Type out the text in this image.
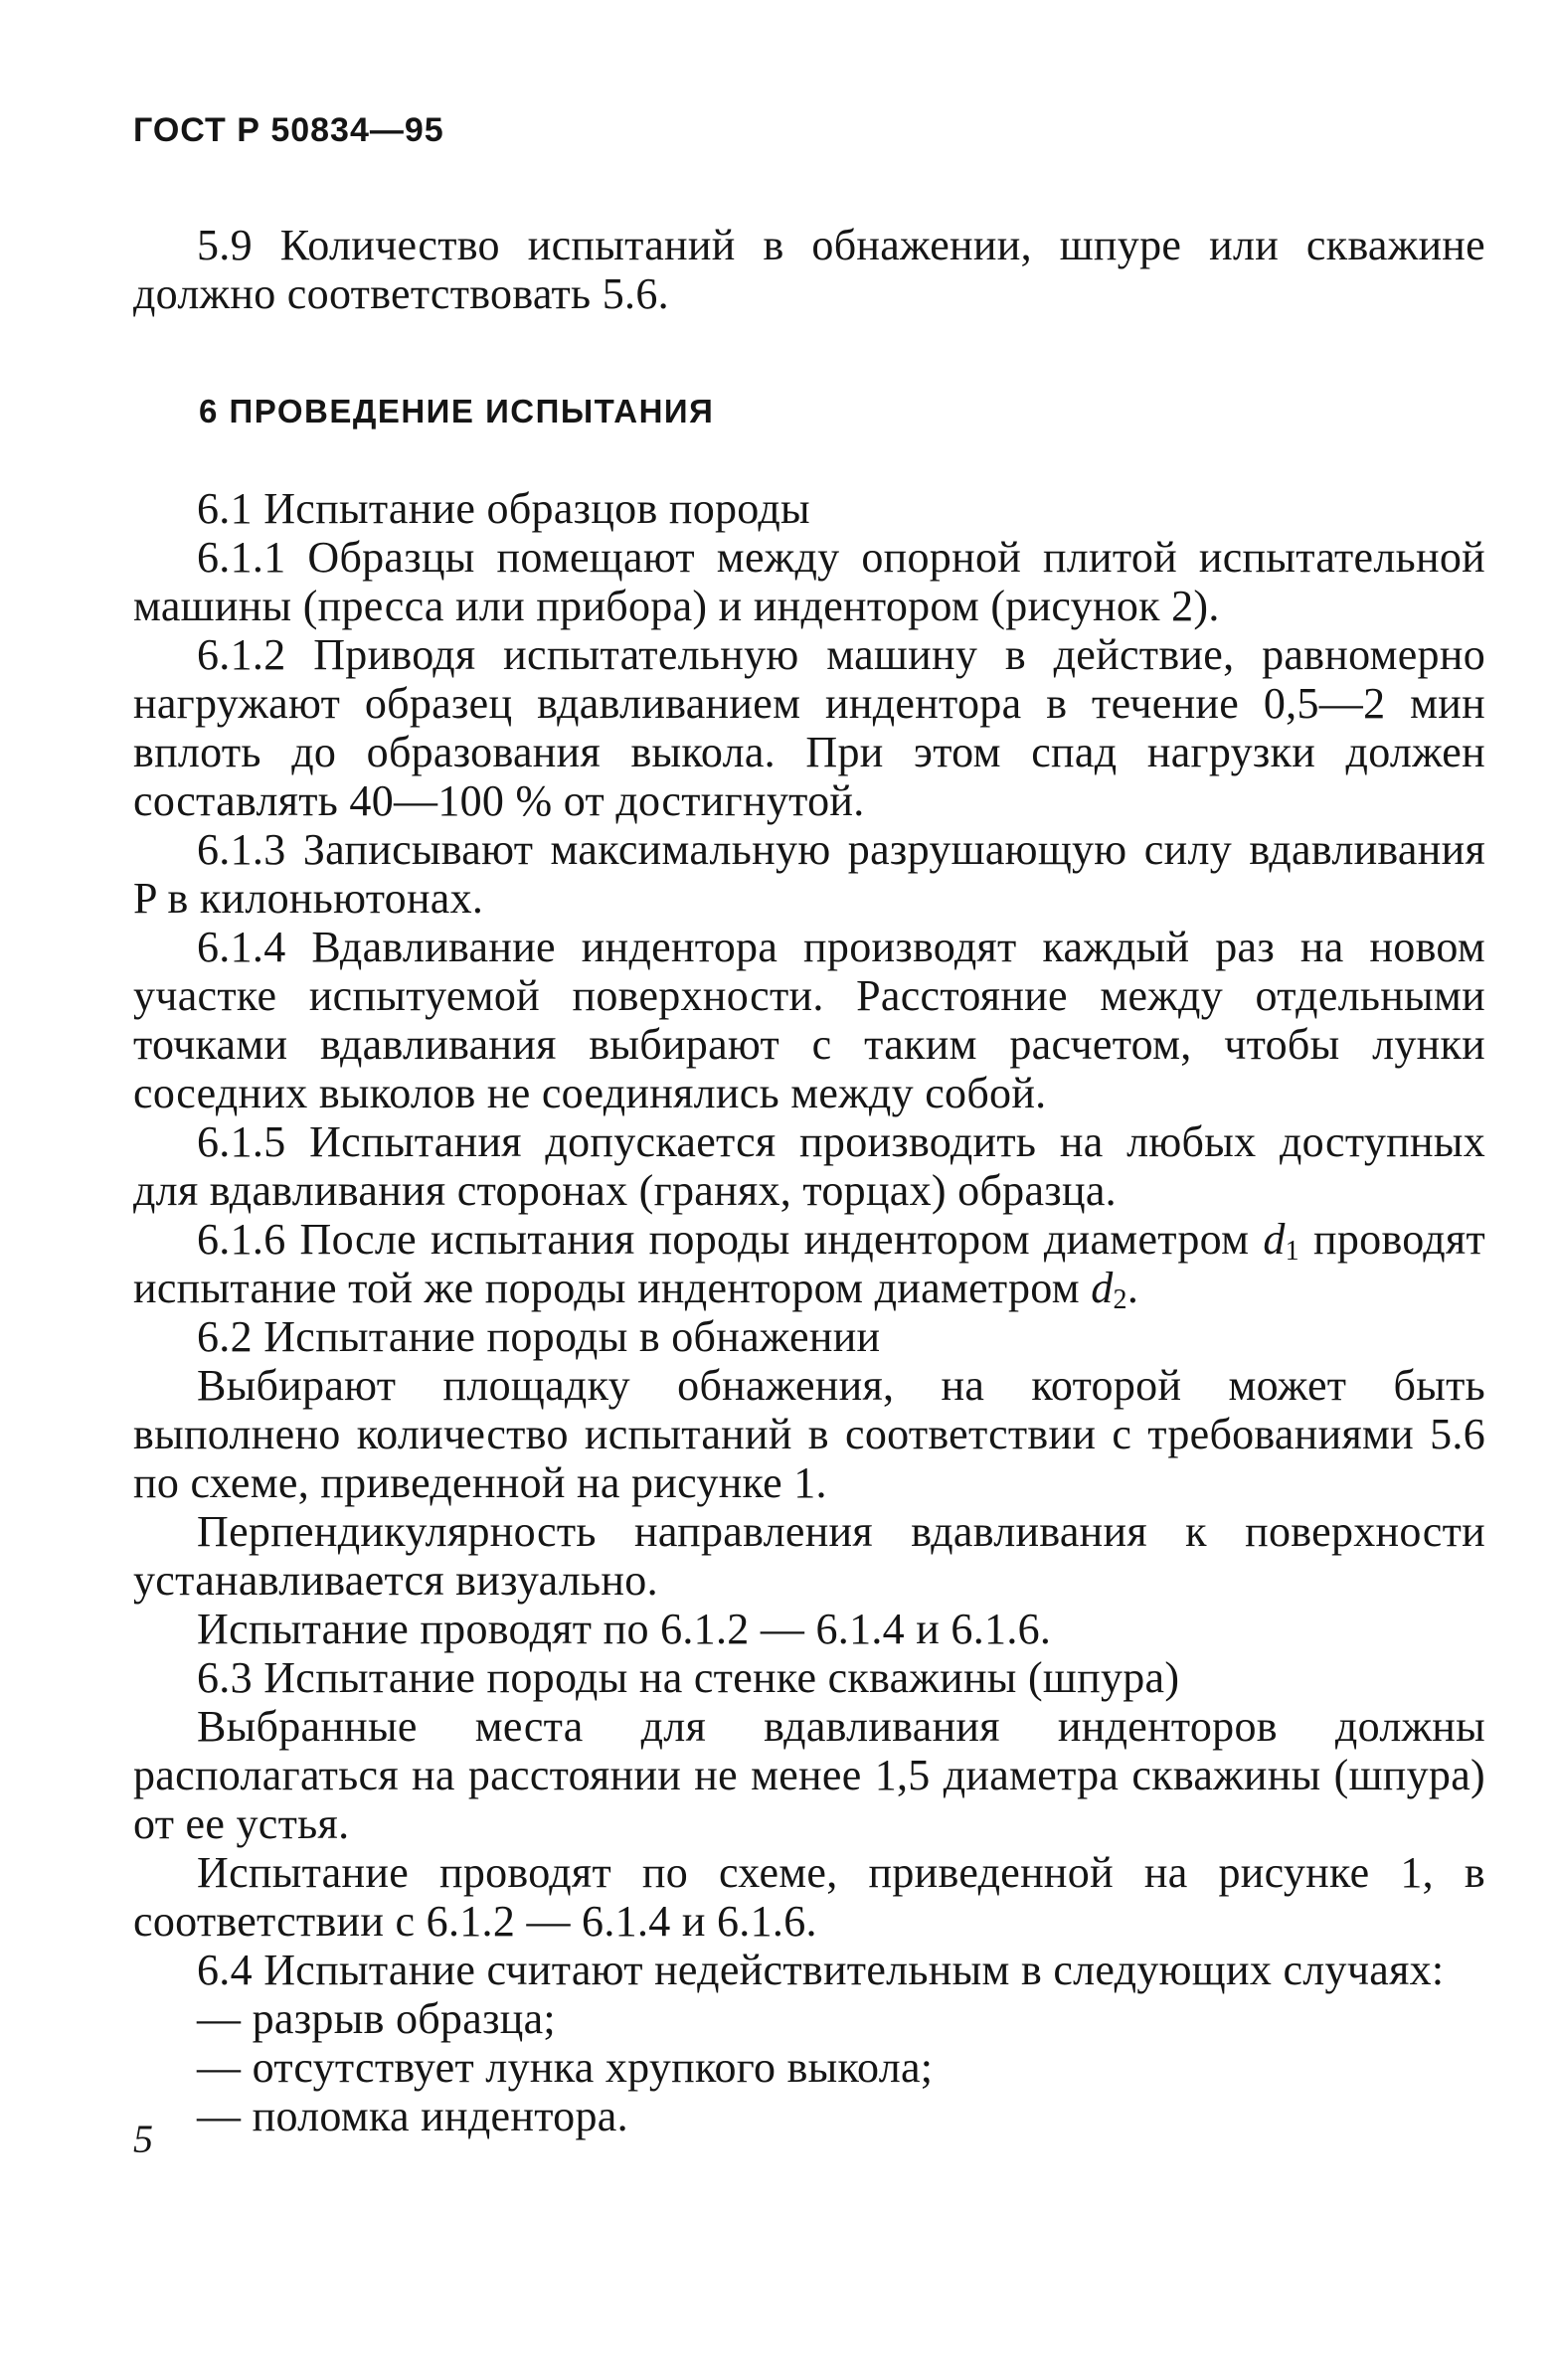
ГОСТ Р 50834—95

5.9 Количество испытаний в обнажении, шпуре или скважине должно соответствовать 5.6.

6 ПРОВЕДЕНИЕ ИСПЫТАНИЯ

6.1 Испытание образцов породы

6.1.1 Образцы помещают между опорной плитой испытательной машины (пресса или прибора) и индентором (рисунок 2).

6.1.2 Приводя испытательную машину в действие, равномерно нагружают образец вдавливанием индентора в течение 0,5—2 мин вплоть до образования выкола. При этом спад нагрузки должен составлять 40—100 % от достигнутой.

6.1.3 Записывают максимальную разрушающую силу вдавливания P в килоньютонах.

6.1.4 Вдавливание индентора производят каждый раз на новом участке испытуемой поверхности. Расстояние между отдельными точками вдавливания выбирают с таким расчетом, чтобы лунки соседних выколов не соединялись между собой.

6.1.5 Испытания допускается производить на любых доступных для вдавливания сторонах (гранях, торцах) образца.

6.1.6 После испытания породы индентором диаметром $d_1$ проводят испытание той же породы индентором диаметром $d_2$.

6.2 Испытание породы в обнажении

Выбирают площадку обнажения, на которой может быть выполнено количество испытаний в соответствии с требованиями 5.6 по схеме, приведенной на рисунке 1.

Перпендикулярность направления вдавливания к поверхности устанавливается визуально.

Испытание проводят по 6.1.2 — 6.1.4 и 6.1.6.

6.3 Испытание породы на стенке скважины (шпура)

Выбранные места для вдавливания инденторов должны располагаться на расстоянии не менее 1,5 диаметра скважины (шпура) от ее устья.

Испытание проводят по схеме, приведенной на рисунке 1, в соответствии с 6.1.2 — 6.1.4 и 6.1.6.

6.4 Испытание считают недействительным в следующих случаях:

— разрыв образца;

— отсутствует лунка хрупкого выкола;

— поломка индентора.

5
